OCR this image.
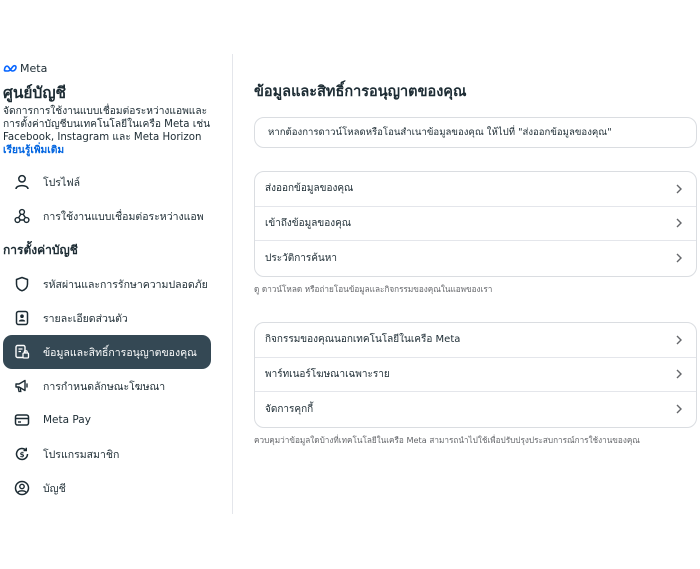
Meta
ศูนย์บัญชี
จัดการการใช้งานแบบเชื่อมต่อระหว่างแอพและการตั้งค่าบัญชีบนเทคโนโลยีในเครือ Meta เช่น Facebook, Instagram และ Meta Horizon เรียนรู้เพิ่มเติม
โปรไฟล์
การใช้งานแบบเชื่อมต่อระหว่างแอพ
การตั้งค่าบัญชี
รหัสผ่านและการรักษาความปลอดภัย
รายละเอียดส่วนตัว
ข้อมูลและสิทธิ์การอนุญาตของคุณ
การกำหนดลักษณะโฆษณา
Meta Pay
$ โปรแกรมสมาชิก
บัญชี
ข้อมูลและสิทธิ์การอนุญาตของคุณ
หากต้องการดาวน์โหลดหรือโอนสำเนาข้อมูลของคุณ ให้ไปที่ "ส่งออกข้อมูลของคุณ"
ส่งออกข้อมูลของคุณ
เข้าถึงข้อมูลของคุณ
ประวัติการค้นหา
ดู ดาวน์โหลด หรือถ่ายโอนข้อมูลและกิจกรรมของคุณในแอพของเรา
กิจกรรมของคุณนอกเทคโนโลยีในเครือ Meta
พาร์ทเนอร์โฆษณาเฉพาะราย
จัดการคุกกี้
ควบคุมว่าข้อมูลใดบ้างที่เทคโนโลยีในเครือ Meta สามารถนำไปใช้เพื่อปรับปรุงประสบการณ์การใช้งานของคุณ
